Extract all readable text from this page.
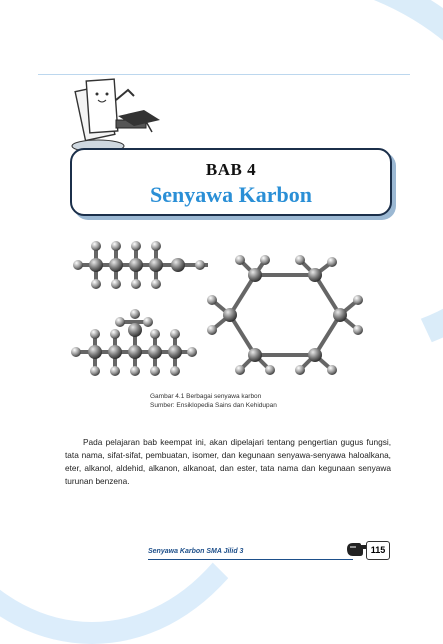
BAB 4
Senyawa Karbon
Gambar 4.1 Berbagai senyawa karbon
Sumber: Ensiklopedia Sains dan Kehidupan

Pada pelajaran bab keempat ini, akan dipelajari tentang pengertian gugus fungsi, tata nama, sifat-sifat, pembuatan, isomer, dan kegunaan senyawa-senyawa haloalkana, eter, alkanol, aldehid, alkanon, alkanoat, dan ester, tata nama dan kegunaan senyawa turunan benzena.

Senyawa Karbon SMA Jilid 3	115
